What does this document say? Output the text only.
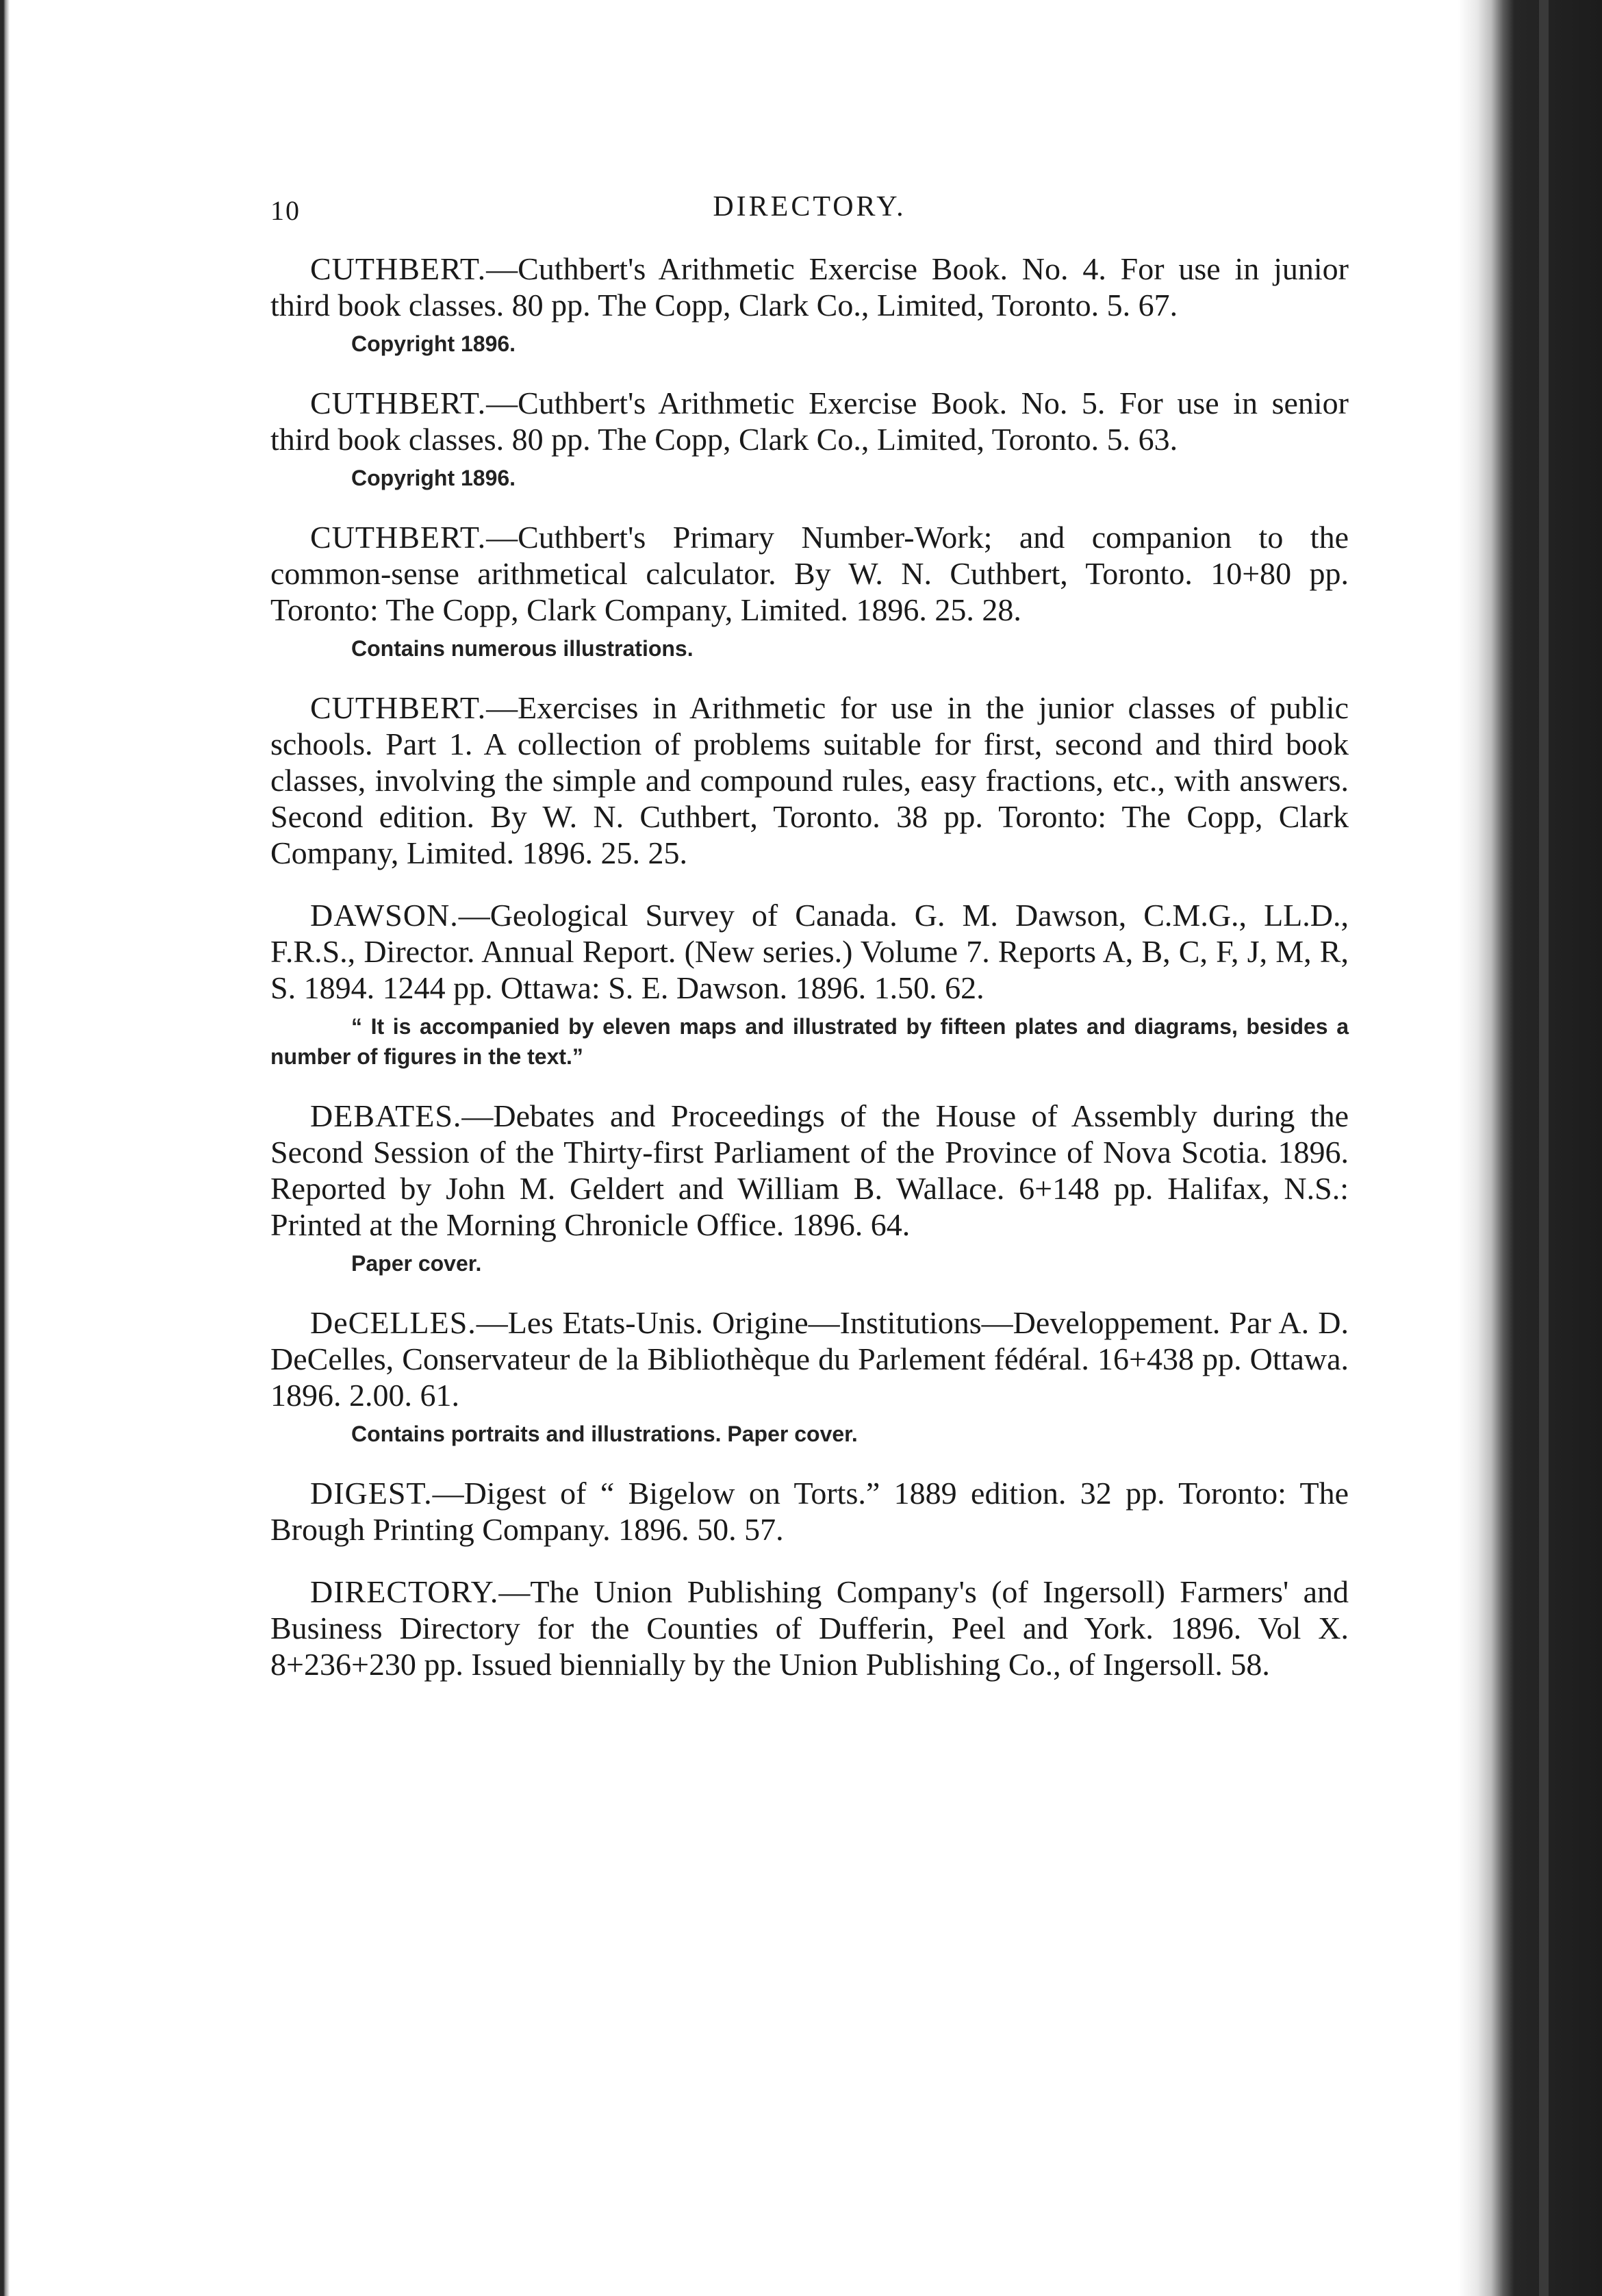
10	DIRECTORY.

CUTHBERT.—Cuthbert's Arithmetic Exercise Book. No. 4. For use in junior third book classes. 80 pp. The Copp, Clark Co., Limited, Toronto. 5. 67.

Copyright 1896.

CUTHBERT.—Cuthbert's Arithmetic Exercise Book. No. 5. For use in senior third book classes. 80 pp. The Copp, Clark Co., Limited, Toronto. 5. 63.

Copyright 1896.

CUTHBERT.—Cuthbert's Primary Number-Work; and companion to the common-sense arithmetical calculator. By W. N. Cuthbert, Toronto. 10+80 pp. Toronto: The Copp, Clark Company, Limited. 1896. 25. 28.

Contains numerous illustrations.

CUTHBERT.—Exercises in Arithmetic for use in the junior classes of public schools. Part 1. A collection of problems suitable for first, second and third book classes, involving the simple and compound rules, easy fractions, etc., with answers. Second edition. By W. N. Cuthbert, Toronto. 38 pp. Toronto: The Copp, Clark Company, Limited. 1896. 25. 25.

DAWSON.—Geological Survey of Canada. G. M. Dawson, C.M.G., LL.D., F.R.S., Director. Annual Report. (New series.) Volume 7. Reports A, B, C, F, J, M, R, S. 1894. 1244 pp. Ottawa: S. E. Dawson. 1896. 1.50. 62.

“ It is accompanied by eleven maps and illustrated by fifteen plates and diagrams, besides a number of figures in the text.”

DEBATES.—Debates and Proceedings of the House of Assembly during the Second Session of the Thirty-first Parliament of the Province of Nova Scotia. 1896. Reported by John M. Geldert and William B. Wallace. 6+148 pp. Halifax, N.S.: Printed at the Morning Chronicle Office. 1896. 64.

Paper cover.

DeCELLES.—Les Etats-Unis. Origine—Institutions—Developpement. Par A. D. DeCelles, Conservateur de la Bibliothèque du Parlement fédéral. 16+438 pp. Ottawa. 1896. 2.00. 61.

Contains portraits and illustrations. Paper cover.

DIGEST.—Digest of “ Bigelow on Torts.” 1889 edition. 32 pp. Toronto: The Brough Printing Company. 1896. 50. 57.

DIRECTORY.—The Union Publishing Company's (of Ingersoll) Farmers' and Business Directory for the Counties of Dufferin, Peel and York. 1896. Vol X. 8+236+230 pp. Issued biennially by the Union Publishing Co., of Ingersoll. 58.
